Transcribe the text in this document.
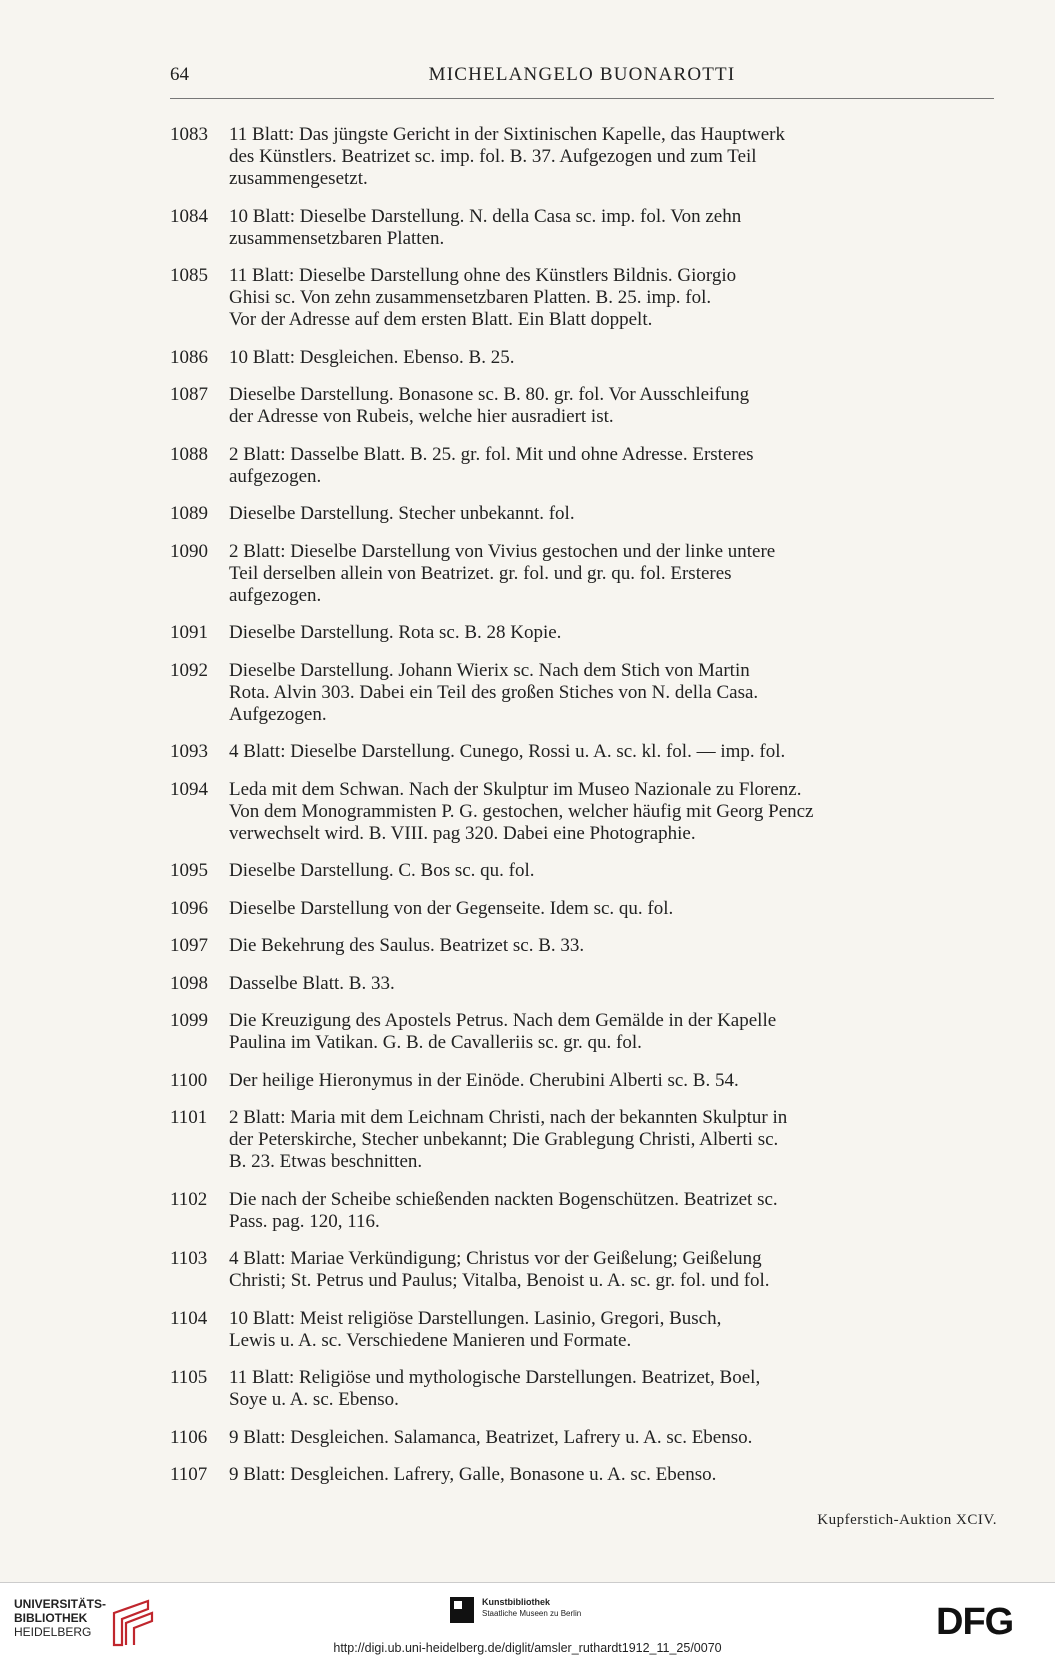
64	MICHELANGELO BUONAROTTI
1083	11 Blatt: Das jüngste Gericht in der Sixtinischen Kapelle, das Hauptwerk
des Künstlers. Beatrizet sc. imp. fol. B. 37. Aufgezogen und zum Teil
zusammengesetzt.
1084	10 Blatt: Dieselbe Darstellung. N. della Casa sc. imp. fol. Von zehn
zusammensetzbaren Platten.
1085	11 Blatt: Dieselbe Darstellung ohne des Künstlers Bildnis. Giorgio
Ghisi sc. Von zehn zusammensetzbaren Platten. B. 25. imp. fol.
Vor der Adresse auf dem ersten Blatt. Ein Blatt doppelt.
1086	10 Blatt: Desgleichen. Ebenso. B. 25.
1087	Dieselbe Darstellung. Bonasone sc. B. 80. gr. fol. Vor Ausschleifung
der Adresse von Rubeis, welche hier ausradiert ist.
1088	2 Blatt: Dasselbe Blatt. B. 25. gr. fol. Mit und ohne Adresse. Ersteres
aufgezogen.
1089	Dieselbe Darstellung. Stecher unbekannt. fol.
1090	2 Blatt: Dieselbe Darstellung von Vivius gestochen und der linke untere
Teil derselben allein von Beatrizet. gr. fol. und gr. qu. fol. Ersteres
aufgezogen.
1091	Dieselbe Darstellung. Rota sc. B. 28 Kopie.
1092	Dieselbe Darstellung. Johann Wierix sc. Nach dem Stich von Martin
Rota. Alvin 303. Dabei ein Teil des großen Stiches von N. della Casa.
Aufgezogen.
1093	4 Blatt: Dieselbe Darstellung. Cunego, Rossi u. A. sc. kl. fol. — imp. fol.
1094	Leda mit dem Schwan. Nach der Skulptur im Museo Nazionale zu Florenz.
Von dem Monogrammisten P. G. gestochen, welcher häufig mit Georg Pencz
verwechselt wird. B. VIII. pag 320. Dabei eine Photographie.
1095	Dieselbe Darstellung. C. Bos sc. qu. fol.
1096	Dieselbe Darstellung von der Gegenseite. Idem sc. qu. fol.
1097	Die Bekehrung des Saulus. Beatrizet sc. B. 33.
1098	Dasselbe Blatt. B. 33.
1099	Die Kreuzigung des Apostels Petrus. Nach dem Gemälde in der Kapelle
Paulina im Vatikan. G. B. de Cavalleriis sc. gr. qu. fol.
1100	Der heilige Hieronymus in der Einöde. Cherubini Alberti sc. B. 54.
1101	2 Blatt: Maria mit dem Leichnam Christi, nach der bekannten Skulptur in
der Peterskirche, Stecher unbekannt; Die Grablegung Christi, Alberti sc.
B. 23. Etwas beschnitten.
1102	Die nach der Scheibe schießenden nackten Bogenschützen. Beatrizet sc.
Pass. pag. 120, 116.
1103	4 Blatt: Mariae Verkündigung; Christus vor der Geißelung; Geißelung
Christi; St. Petrus und Paulus; Vitalba, Benoist u. A. sc. gr. fol. und fol.
1104	10 Blatt: Meist religiöse Darstellungen. Lasinio, Gregori, Busch,
Lewis u. A. sc. Verschiedene Manieren und Formate.
1105	11 Blatt: Religiöse und mythologische Darstellungen. Beatrizet, Boel,
Soye u. A. sc. Ebenso.
1106	9 Blatt: Desgleichen. Salamanca, Beatrizet, Lafrery u. A. sc. Ebenso.
1107	9 Blatt: Desgleichen. Lafrery, Galle, Bonasone u. A. sc. Ebenso.
Kupferstich-Auktion XCIV.
UNIVERSITÄTS-
BIBLIOTHEK
HEIDELBERG
Kunstbibliothek
Staatliche Museen zu Berlin	DFG
http://digi.ub.uni-heidelberg.de/diglit/amsler_ruthardt1912_11_25/0070
